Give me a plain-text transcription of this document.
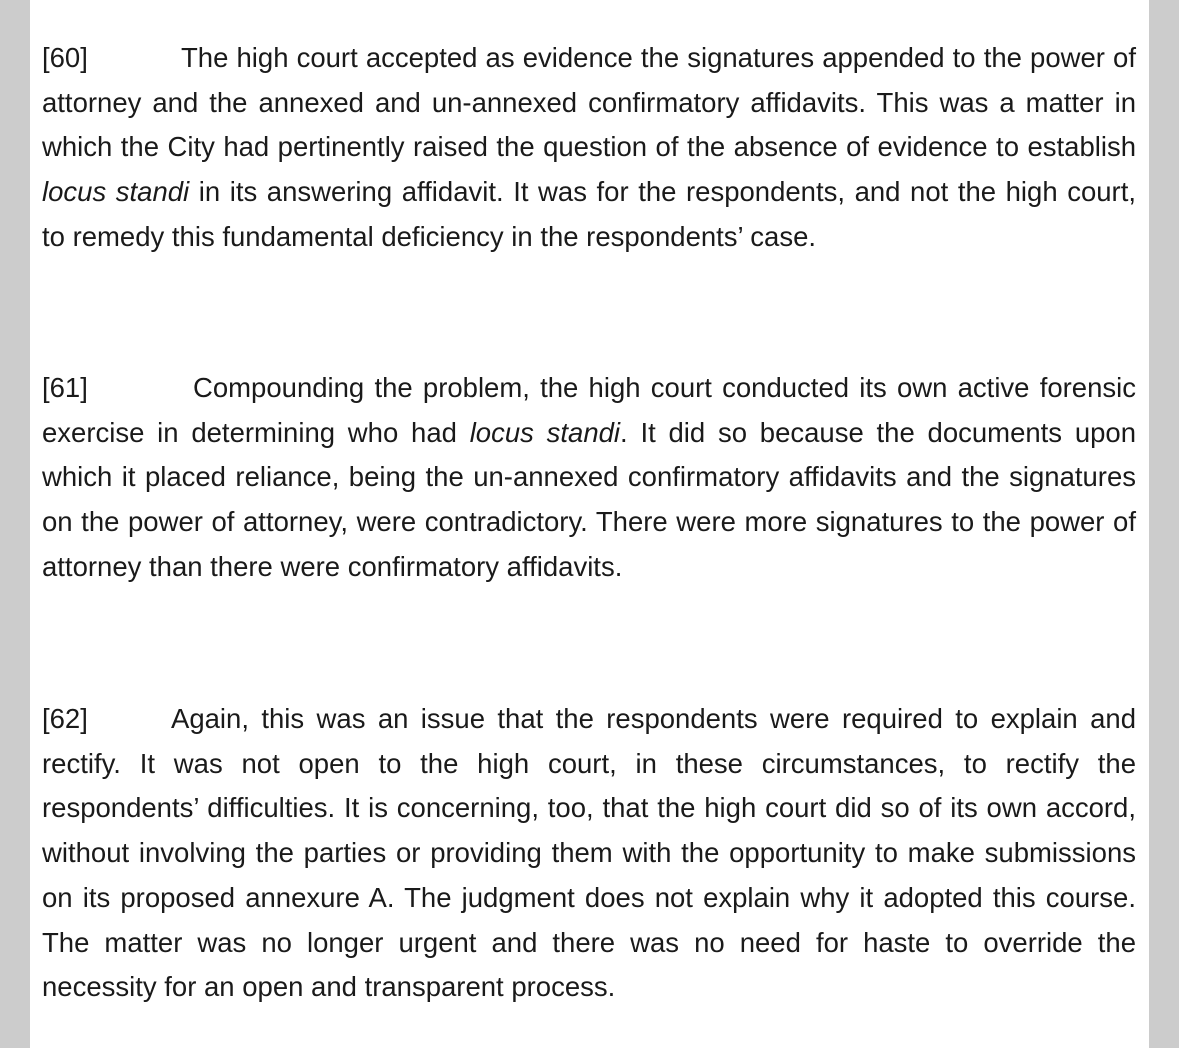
[60]	The high court accepted as evidence the signatures appended to the power of attorney and the annexed and un-annexed confirmatory affidavits. This was a matter in which the City had pertinently raised the question of the absence of evidence to establish locus standi in its answering affidavit. It was for the respondents, and not the high court, to remedy this fundamental deficiency in the respondents’ case.

[61]	Compounding the problem, the high court conducted its own active forensic exercise in determining who had locus standi. It did so because the documents upon which it placed reliance, being the un-annexed confirmatory affidavits and the signatures on the power of attorney, were contradictory. There were more signatures to the power of attorney than there were confirmatory affidavits.

[62]	Again, this was an issue that the respondents were required to explain and rectify. It was not open to the high court, in these circumstances, to rectify the respondents’ difficulties. It is concerning, too, that the high court did so of its own accord, without involving the parties or providing them with the opportunity to make submissions on its proposed annexure A. The judgment does not explain why it adopted this course. The matter was no longer urgent and there was no need for haste to override the necessity for an open and transparent process.
